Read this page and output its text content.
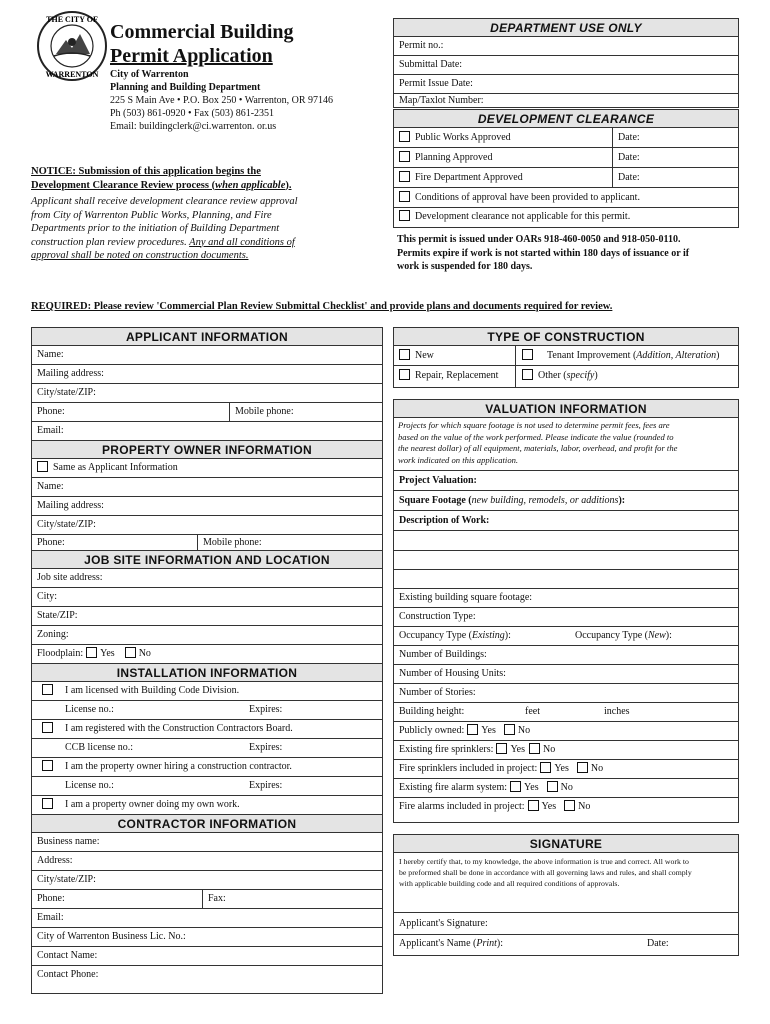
THE CITY OF
WARRENTON
Commercial Building
Permit Application
City of Warrenton
Planning and Building Department
225 S Main Ave • P.O. Box 250 • Warrenton, OR 97146
Ph (503) 861-0920 • Fax (503) 861-2351
Email: buildingclerk@ci.warrenton. or.us
NOTICE: Submission of this application begins the
Development Clearance Review process (when applicable).
Applicant shall receive development clearance review approval
from City of Warrenton Public Works, Planning, and Fire
Departments prior to the initiation of Building Department
construction plan review procedures. Any and all conditions of
approval shall be noted on construction documents.
DEPARTMENT USE ONLY
Permit no.:
Submittal Date:
Permit Issue Date:
Map/Taxlot Number:
DEVELOPMENT CLEARANCE
Public Works Approved	Date:
Planning Approved	Date:
Fire Department Approved	Date:
Conditions of approval have been provided to applicant.
Development clearance not applicable for this permit.
This permit is issued under OARs 918-460-0050 and 918-050-0110.
Permits expire if work is not started within 180 days of issuance or if
work is suspended for 180 days.
REQUIRED: Please review 'Commercial Plan Review Submittal Checklist' and provide plans and documents required for review.
APPLICANT INFORMATION
Name:
Mailing address:
City/state/ZIP:
Phone:	Mobile phone:
Email:
PROPERTY OWNER INFORMATION
Same as Applicant Information
Name:
Mailing address:
City/state/ZIP:
Phone:	Mobile phone:
JOB SITE INFORMATION AND LOCATION
Job site address:
City:
State/ZIP:
Zoning:
Floodplain: Yes No
INSTALLATION INFORMATION
I am licensed with Building Code Division.
License no.:	Expires:
I am registered with the Construction Contractors Board.
CCB license no.:	Expires:
I am the property owner hiring a construction contractor.
License no.:	Expires:
I am a property owner doing my own work.
CONTRACTOR INFORMATION
Business name:
Address:
City/state/ZIP:
Phone:	Fax:
Email:
City of Warrenton Business Lic. No.:
Contact Name:
Contact Phone:
TYPE OF CONSTRUCTION
New	Tenant Improvement (Addition, Alteration)
Repair, Replacement	Other (specify)
VALUATION INFORMATION
Projects for which square footage is not used to determine permit fees, fees are
based on the value of the work performed. Please indicate the value (rounded to
the nearest dollar) of all equipment, materials, labor, overhead, and profit for the
work indicated on this application.
Project Valuation:
Square Footage (new building, remodels, or additions):
Description of Work:
Existing building square footage:
Construction Type:
Occupancy Type (Existing):	Occupancy Type (New):
Number of Buildings:
Number of Housing Units:
Number of Stories:
Building height:	feet	inches
Publicly owned: Yes No
Existing fire sprinklers: Yes No
Fire sprinklers included in project: Yes No
Existing fire alarm system: Yes No
Fire alarms included in project: Yes No
SIGNATURE
I hereby certify that, to my knowledge, the above information is true and correct. All work to
be preformed shall be done in accordance with all governing laws and rules, and shall comply
with applicable building code and all required conditions of approvals.
Applicant's Signature:
Applicant's Name (Print):	Date:
